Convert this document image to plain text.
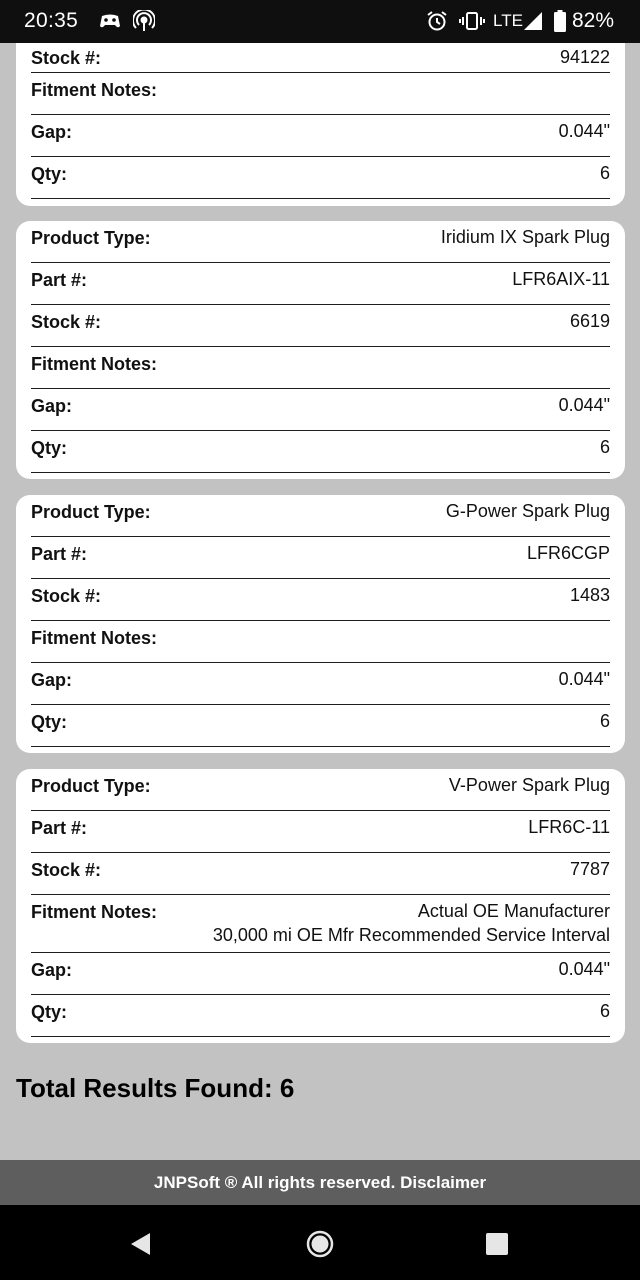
20:35	LTE 82%
Stock #:	94122
Fitment Notes:
Gap:	0.044"
Qty:	6
Product Type:	Iridium IX Spark Plug
Part #:	LFR6AIX-11
Stock #:	6619
Fitment Notes:
Gap:	0.044"
Qty:	6
Product Type:	G-Power Spark Plug
Part #:	LFR6CGP
Stock #:	1483
Fitment Notes:
Gap:	0.044"
Qty:	6
Product Type:	V-Power Spark Plug
Part #:	LFR6C-11
Stock #:	7787
Fitment Notes:	Actual OE Manufacturer
30,000 mi OE Mfr Recommended Service Interval
Gap:	0.044"
Qty:	6
Total Results Found: 6
JNPSoft ® All rights reserved. Disclaimer
